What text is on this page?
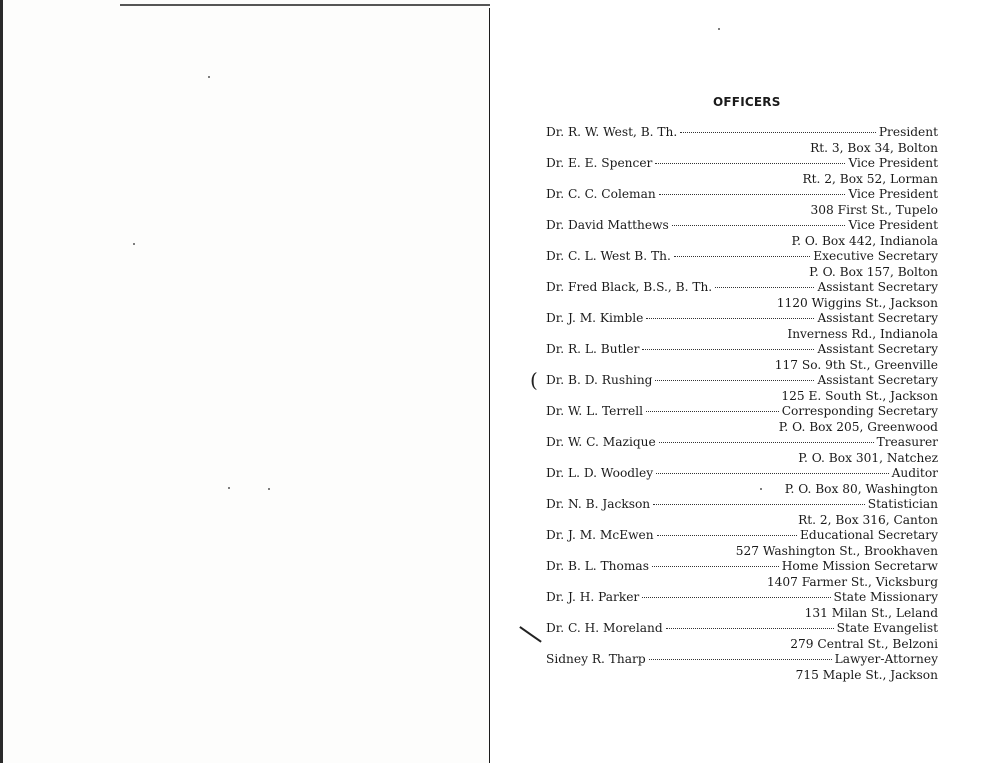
OFFICERS
(
Dr. R. W. West, B. Th.	President
Rt. 3, Box 34, Bolton
Dr. E. E. Spencer	Vice President
Rt. 2, Box 52, Lorman
Dr. C. C. Coleman	Vice President
308 First St., Tupelo
Dr. David Matthews	Vice President
P. O. Box 442, Indianola
Dr. C. L. West B. Th.	Executive Secretary
P. O. Box 157, Bolton
Dr. Fred Black, B.S., B. Th.	Assistant Secretary
1120 Wiggins St., Jackson
Dr. J. M. Kimble	Assistant Secretary
Inverness Rd., Indianola
Dr. R. L. Butler	Assistant Secretary
117 So. 9th St., Greenville
Dr. B. D. Rushing	Assistant Secretary
125 E. South St., Jackson
Dr. W. L. Terrell	Corresponding Secretary
P. O. Box 205, Greenwood
Dr. W. C. Mazique	Treasurer
P. O. Box 301, Natchez
Dr. L. D. Woodley	Auditor
P. O. Box 80, Washington
Dr. N. B. Jackson	Statistician
Rt. 2, Box 316, Canton
Dr. J. M. McEwen	Educational Secretary
527 Washington St., Brookhaven
Dr. B. L. Thomas	Home Mission Secretarw
1407 Farmer St., Vicksburg
Dr. J. H. Parker	State Missionary
131 Milan St., Leland
Dr. C. H. Moreland	State Evangelist
279 Central St., Belzoni
Sidney R. Tharp	Lawyer-Attorney
715 Maple St., Jackson
